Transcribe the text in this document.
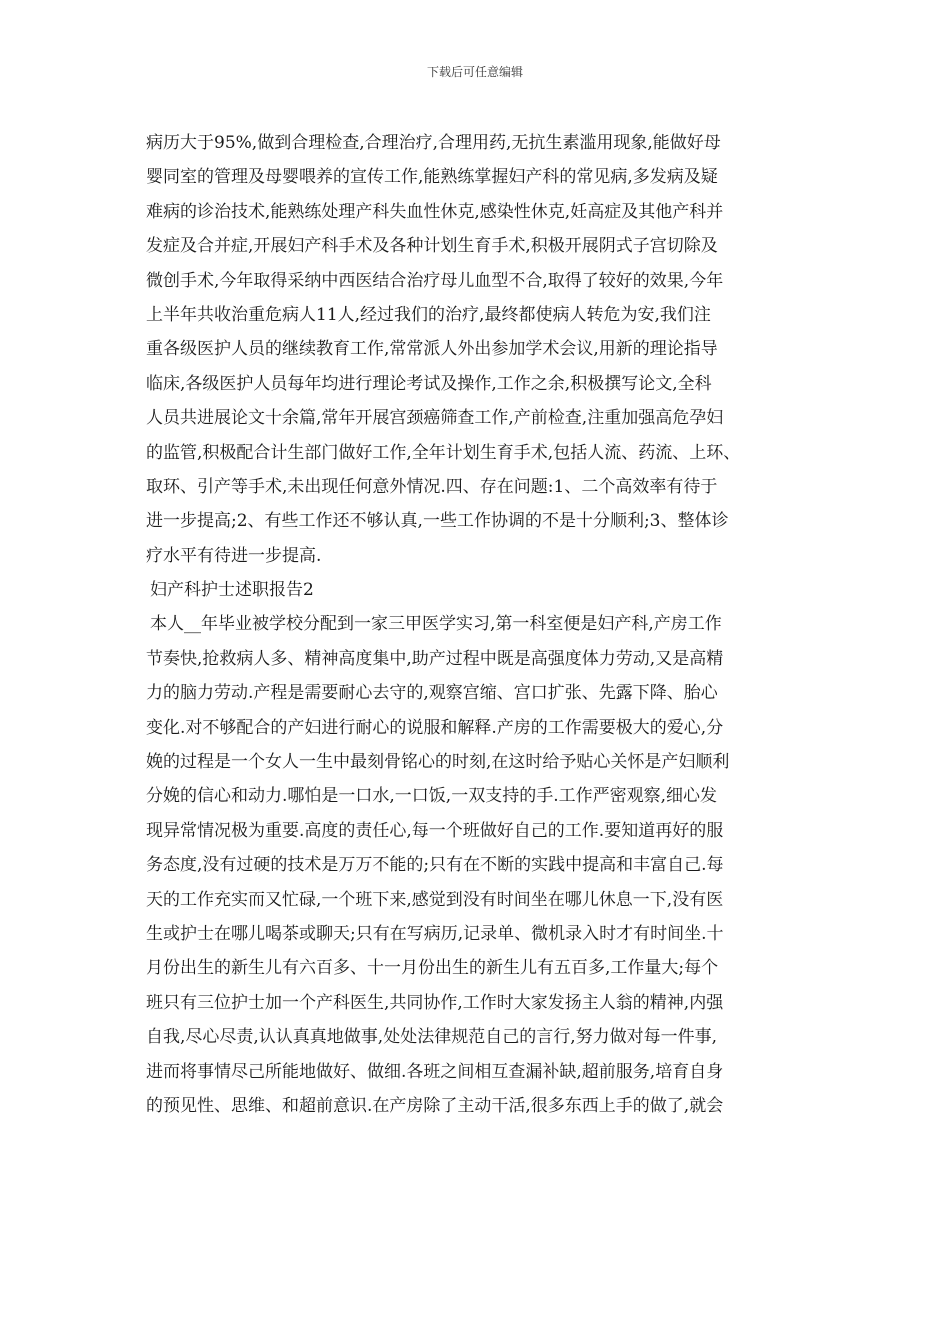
下载后可任意编辑
病历大于95%,做到合理检查,合理治疗,合理用药,无抗生素滥用现象,能做好母
婴同室的管理及母婴喂养的宣传工作,能熟练掌握妇产科的常见病,多发病及疑
难病的诊治技术,能熟练处理产科失血性休克,感染性休克,妊高症及其他产科并
发症及合并症,开展妇产科手术及各种计划生育手术,积极开展阴式子宫切除及
微创手术,今年取得采纳中西医结合治疗母儿血型不合,取得了较好的效果,今年
上半年共收治重危病人11人,经过我们的治疗,最终都使病人转危为安,我们注
重各级医护人员的继续教育工作,常常派人外出参加学术会议,用新的理论指导
临床,各级医护人员每年均进行理论考试及操作,工作之余,积极撰写论文,全科
人员共进展论文十余篇,常年开展宫颈癌筛查工作,产前检查,注重加强高危孕妇
的监管,积极配合计生部门做好工作,全年计划生育手术,包括人流、药流、上环、
取环、引产等手术,未出现任何意外情况.四、存在问题:1、二个高效率有待于
进一步提高;2、有些工作还不够认真,一些工作协调的不是十分顺利;3、整体诊
疗水平有待进一步提高.
妇产科护士述职报告2
本人__年毕业被学校分配到一家三甲医学实习,第一科室便是妇产科,产房工作
节奏快,抢救病人多、精神高度集中,助产过程中既是高强度体力劳动,又是高精
力的脑力劳动.产程是需要耐心去守的,观察宫缩、宫口扩张、先露下降、胎心
变化.对不够配合的产妇进行耐心的说服和解释.产房的工作需要极大的爱心,分
娩的过程是一个女人一生中最刻骨铭心的时刻,在这时给予贴心关怀是产妇顺利
分娩的信心和动力.哪怕是一口水,一口饭,一双支持的手.工作严密观察,细心发
现异常情况极为重要.高度的责任心,每一个班做好自己的工作.要知道再好的服
务态度,没有过硬的技术是万万不能的;只有在不断的实践中提高和丰富自己.每
天的工作充实而又忙碌,一个班下来,感觉到没有时间坐在哪儿休息一下,没有医
生或护士在哪儿喝茶或聊天;只有在写病历,记录单、微机录入时才有时间坐.十
月份出生的新生儿有六百多、十一月份出生的新生儿有五百多,工作量大;每个
班只有三位护士加一个产科医生,共同协作,工作时大家发扬主人翁的精神,内强
自我,尽心尽责,认认真真地做事,处处法律规范自己的言行,努力做对每一件事,
进而将事情尽己所能地做好、做细.各班之间相互查漏补缺,超前服务,培育自身
的预见性、思维、和超前意识.在产房除了主动干活,很多东西上手的做了,就会
